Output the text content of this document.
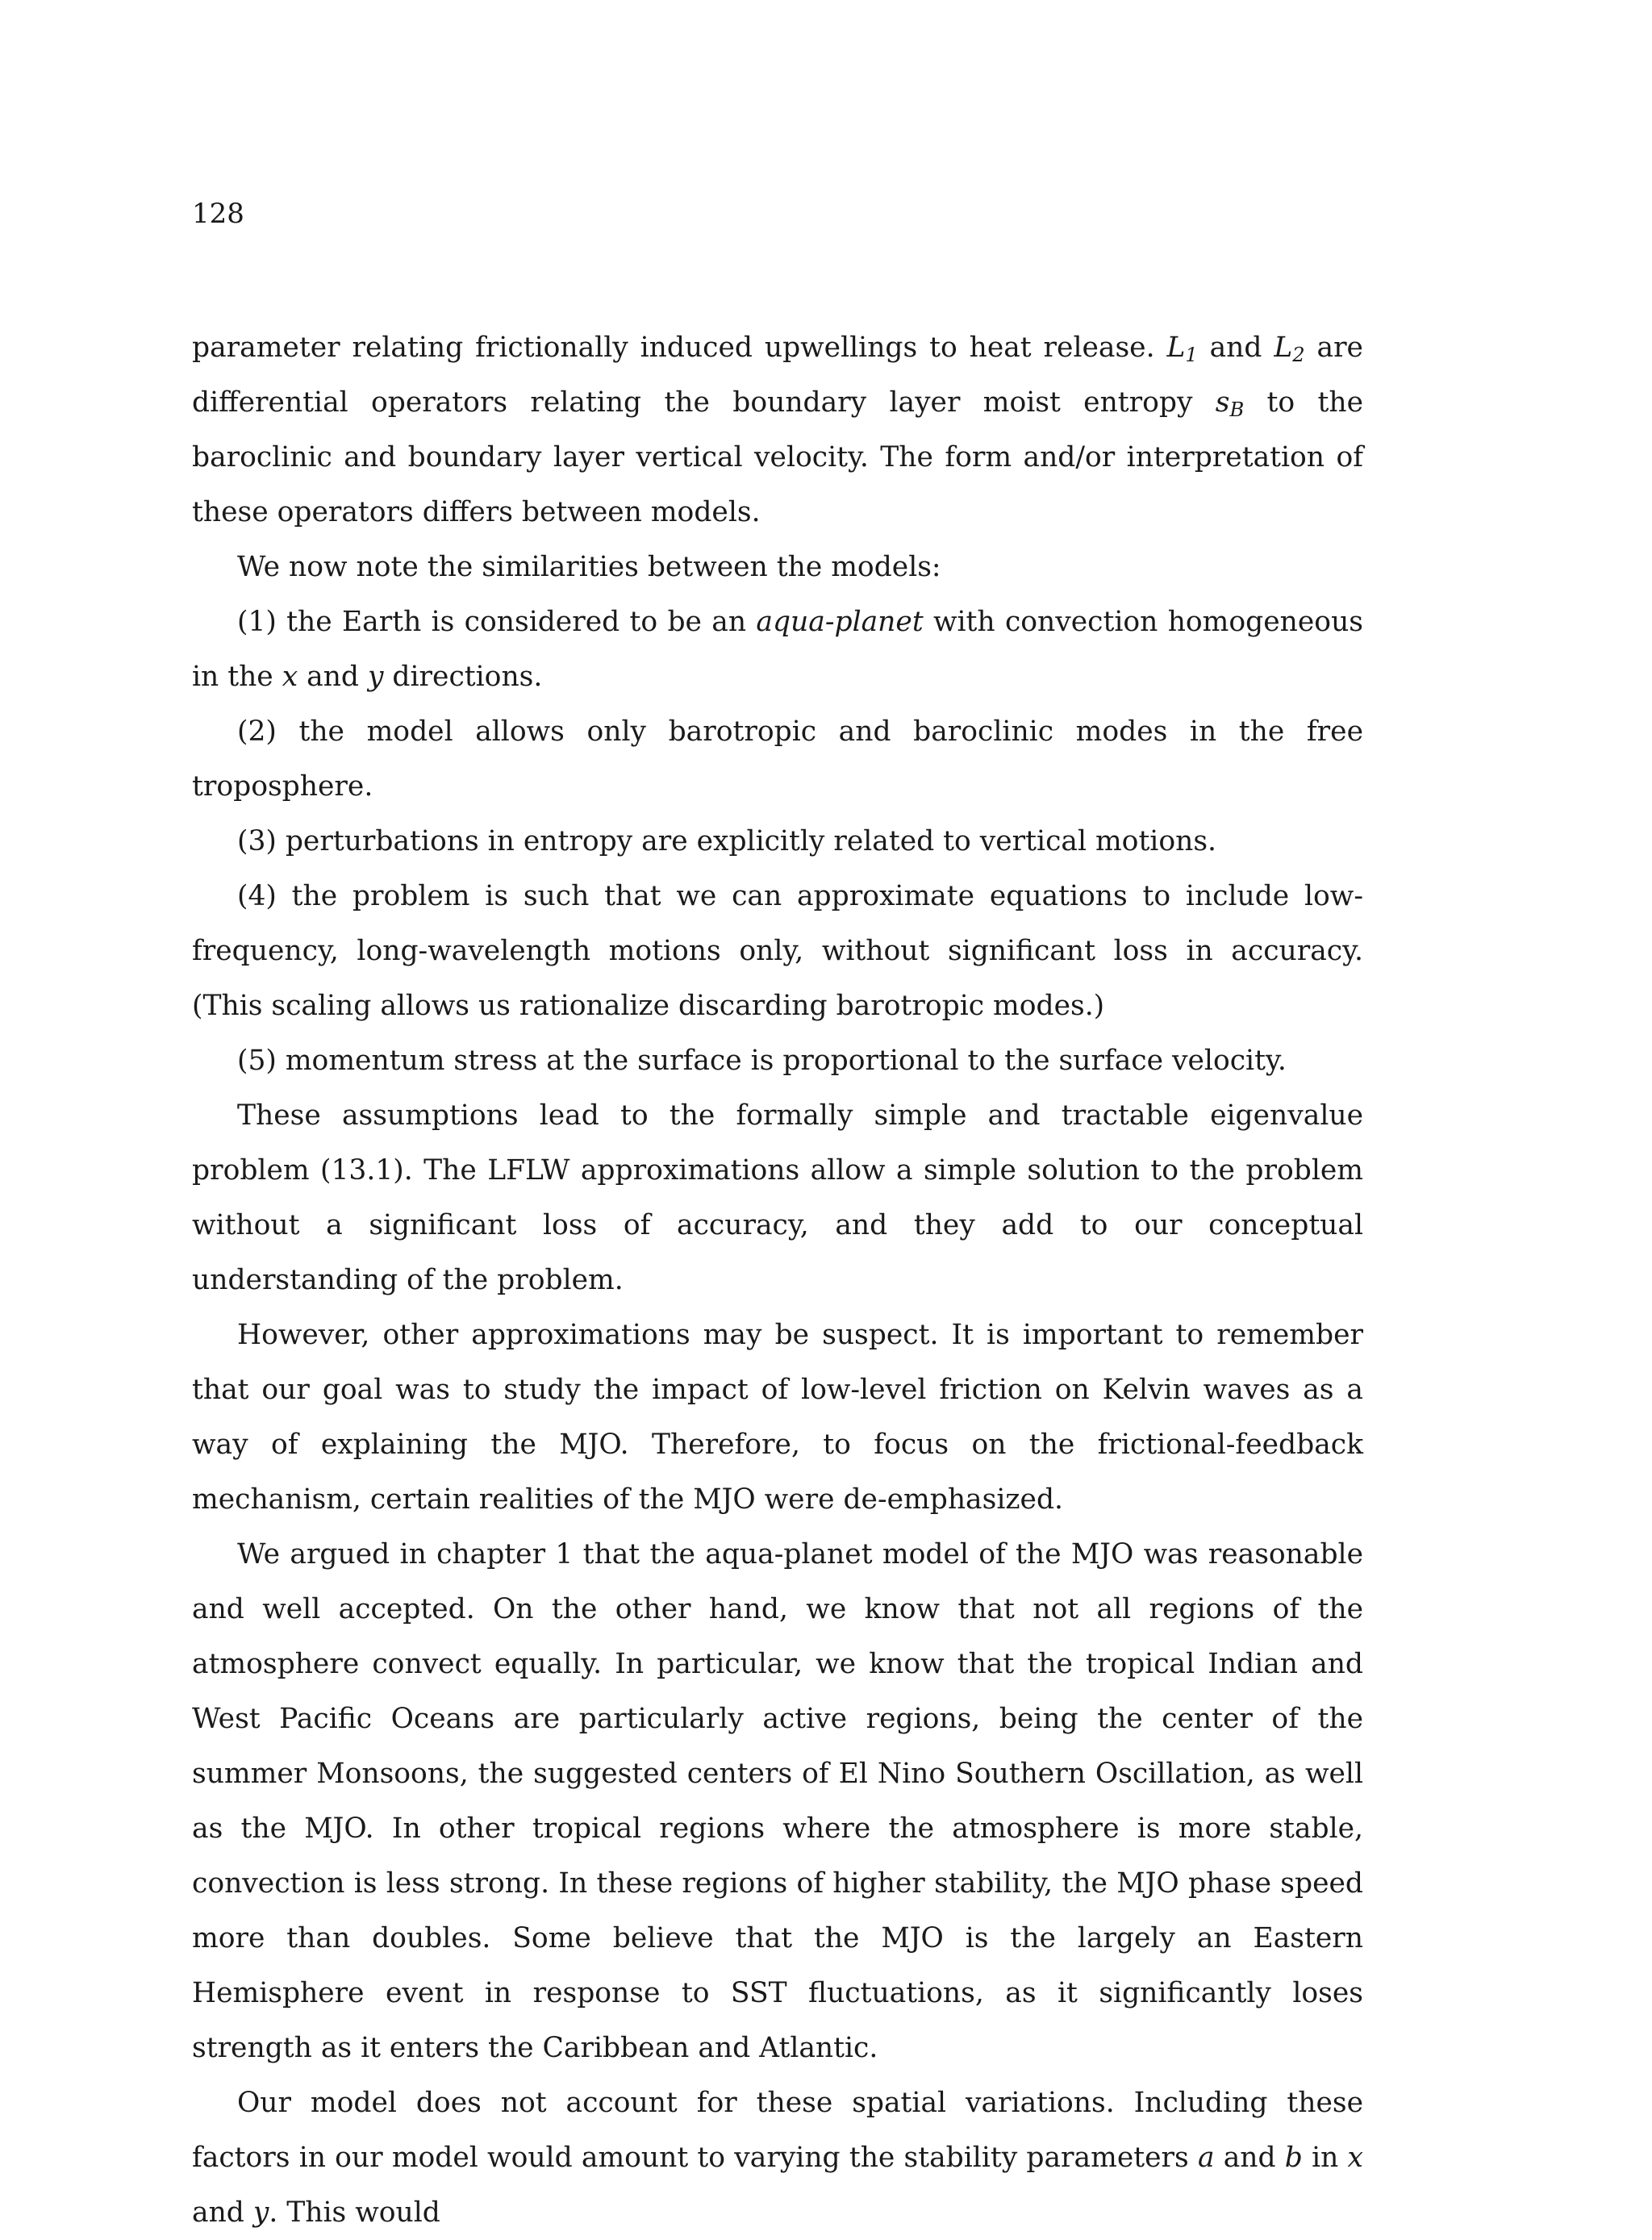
128

parameter relating frictionally induced upwellings to heat release. $L_1$ and $L_2$ are differential operators relating the boundary layer moist entropy $s_B$ to the baroclinic and boundary layer vertical velocity. The form and/or interpretation of these operators differs between models.

We now note the similarities between the models:

(1) the Earth is considered to be an aqua-planet with convection homogeneous in the x and y directions.

(2) the model allows only barotropic and baroclinic modes in the free troposphere.

(3) perturbations in entropy are explicitly related to vertical motions.

(4) the problem is such that we can approximate equations to include low-frequency, long-wavelength motions only, without significant loss in accuracy. (This scaling allows us rationalize discarding barotropic modes.)

(5) momentum stress at the surface is proportional to the surface velocity.

These assumptions lead to the formally simple and tractable eigenvalue problem (13.1). The LFLW approximations allow a simple solution to the problem without a significant loss of accuracy, and they add to our conceptual understanding of the problem.

However, other approximations may be suspect. It is important to remember that our goal was to study the impact of low-level friction on Kelvin waves as a way of explaining the MJO. Therefore, to focus on the frictional-feedback mechanism, certain realities of the MJO were de-emphasized.

We argued in chapter 1 that the aqua-planet model of the MJO was reasonable and well accepted. On the other hand, we know that not all regions of the atmosphere convect equally. In particular, we know that the tropical Indian and West Pacific Oceans are particularly active regions, being the center of the summer Monsoons, the suggested centers of El Nino Southern Oscillation, as well as the MJO. In other tropical regions where the atmosphere is more stable, convection is less strong. In these regions of higher stability, the MJO phase speed more than doubles. Some believe that the MJO is the largely an Eastern Hemisphere event in response to SST fluctuations, as it significantly loses strength as it enters the Caribbean and Atlantic.

Our model does not account for these spatial variations. Including these factors in our model would amount to varying the stability parameters a and b in x and y. This would
